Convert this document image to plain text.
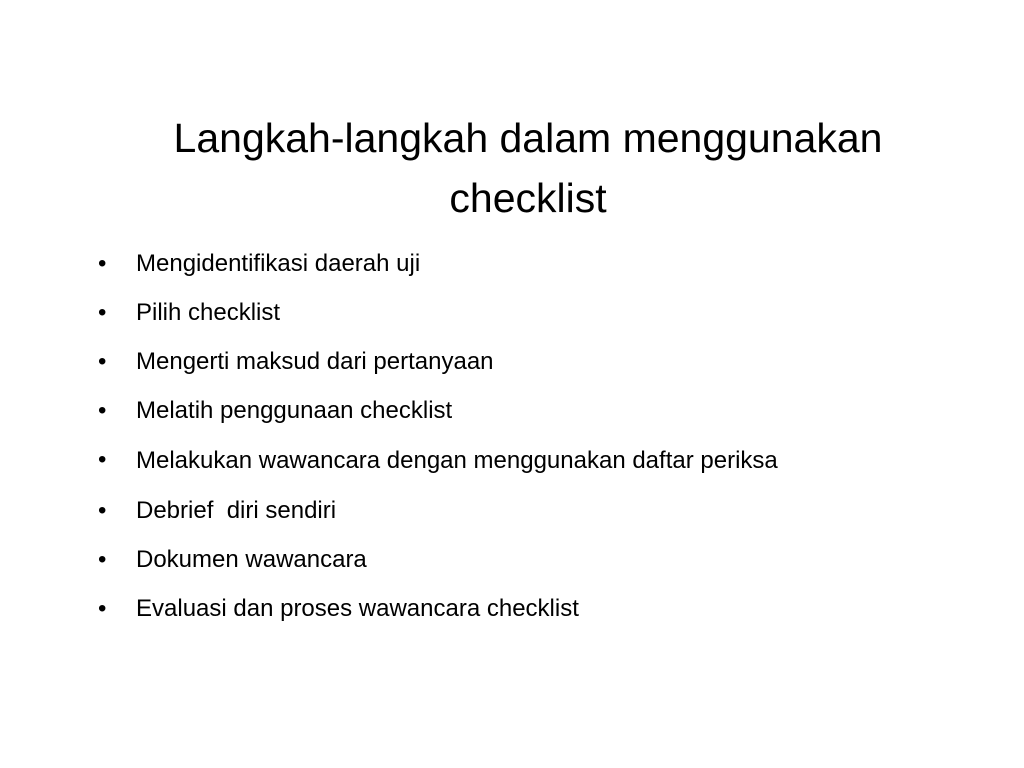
Langkah-langkah dalam menggunakan checklist
•	Mengidentifikasi daerah uji
•	Pilih checklist
•	Mengerti maksud dari pertanyaan
•	Melatih penggunaan checklist
•	Melakukan wawancara dengan menggunakan daftar periksa
•	Debrief  diri sendiri
•	Dokumen wawancara
•	Evaluasi dan proses wawancara checklist
